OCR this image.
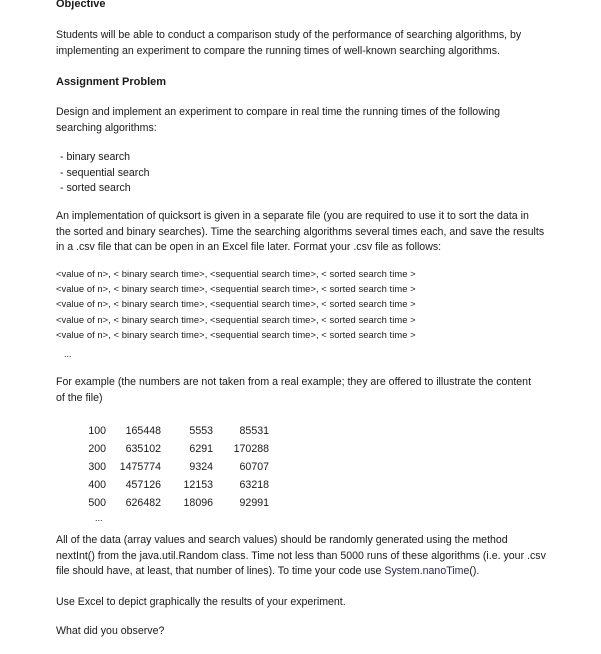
Objective
Students will be able to conduct a comparison study of the performance of searching algorithms, by
implementing an experiment to compare the running times of well-known searching algorithms.
Assignment Problem
Design and implement an experiment to compare in real time the running times of the following
searching algorithms:
- binary search
- sequential search
- sorted search
An implementation of quicksort is given in a separate file (you are required to use it to sort the data in
the sorted and binary searches). Time the searching algorithms several times each, and save the results
in a .csv file that can be open in an Excel file later. Format your .csv file as follows:
<value of n>, < binary search time>, <sequential search time>, < sorted search time >
<value of n>, < binary search time>, <sequential search time>, < sorted search time >
<value of n>, < binary search time>, <sequential search time>, < sorted search time >
<value of n>, < binary search time>, <sequential search time>, < sorted search time >
<value of n>, < binary search time>, <sequential search time>, < sorted search time >
...
For example (the numbers are not taken from a real example; they are offered to illustrate the content
of the file)
100	165448	5553	85531
200	635102	6291	170288
300	1475774	9324	60707
400	457126	12153	63218
500	626482	18096	92991
...
All of the data (array values and search values) should be randomly generated using the method
nextInt() from the java.util.Random class. Time not less than 5000 runs of these algorithms (i.e. your .csv
file should have, at least, that number of lines). To time your code use System.nanoTime().
Use Excel to depict graphically the results of your experiment.
What did you observe?
